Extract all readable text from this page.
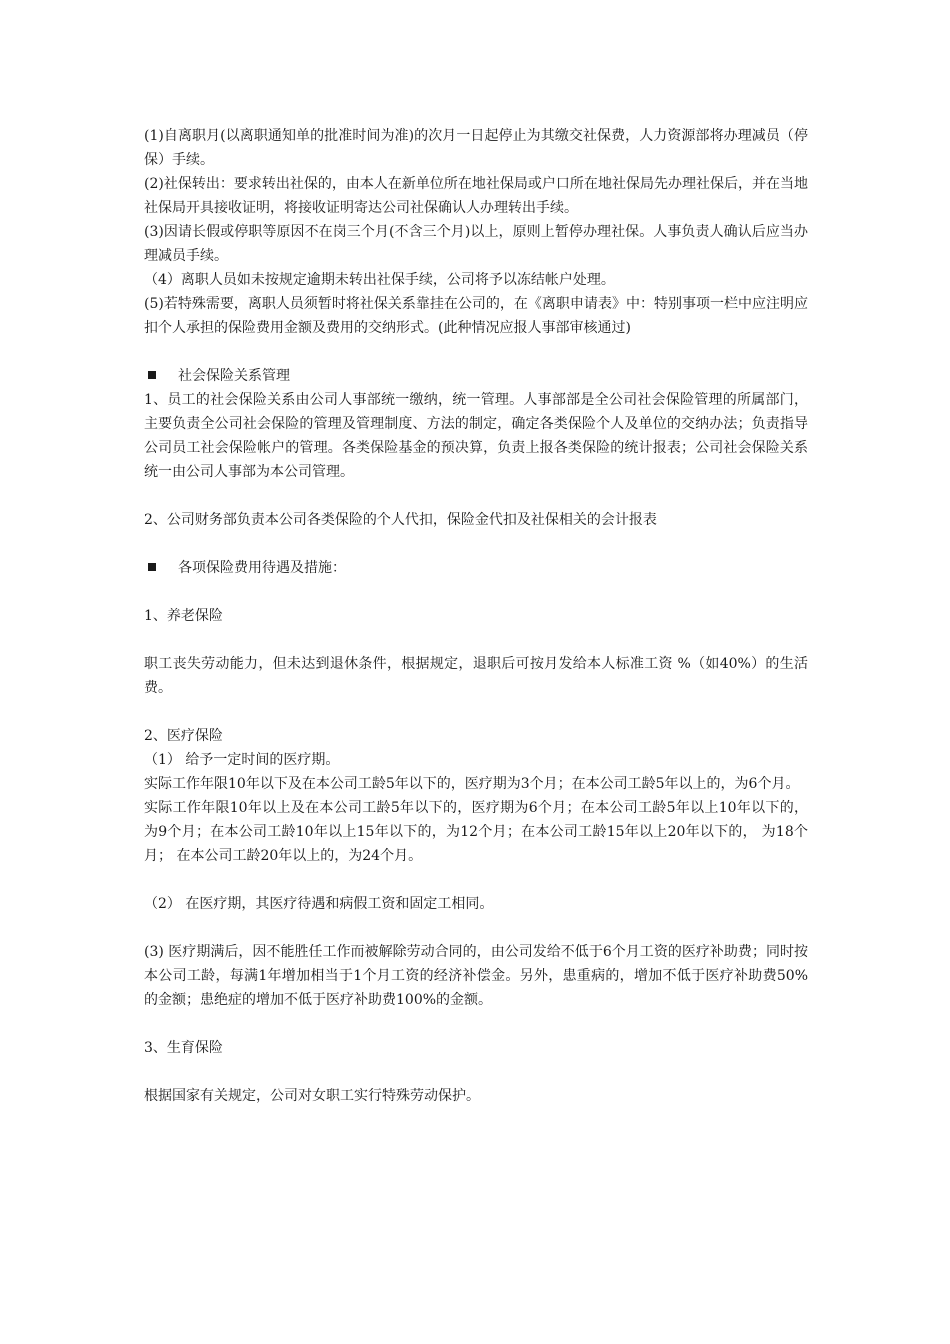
(1)自离职月(以离职通知单的批准时间为准)的次月一日起停止为其缴交社保费，人力资源部将办理减员（停保）手续。

(2)社保转出：要求转出社保的，由本人在新单位所在地社保局或户口所在地社保局先办理社保后，并在当地社保局开具接收证明，将接收证明寄达公司社保确认人办理转出手续。

(3)因请长假或停职等原因不在岗三个月(不含三个月)以上，原则上暂停办理社保。人事负责人确认后应当办理减员手续。

（4）离职人员如未按规定逾期未转出社保手续，公司将予以冻结帐户处理。

(5)若特殊需要，离职人员须暂时将社保关系靠挂在公司的，在《离职申请表》中：特别事项一栏中应注明应扣个人承担的保险费用金额及费用的交纳形式。(此种情况应报人事部审核通过)

社会保险关系管理

1、员工的社会保险关系由公司人事部统一缴纳，统一管理。人事部部是全公司社会保险管理的所属部门，主要负责全公司社会保险的管理及管理制度、方法的制定，确定各类保险个人及单位的交纳办法；负责指导公司员工社会保险帐户的管理。各类保险基金的预决算，负责上报各类保险的统计报表；公司社会保险关系统一由公司人事部为本公司管理。

2、公司财务部负责本公司各类保险的个人代扣，保险金代扣及社保相关的会计报表

各项保险费用待遇及措施：

1、养老保险

职工丧失劳动能力，但未达到退休条件，根据规定，退职后可按月发给本人标准工资 %（如40%）的生活费。

2、医疗保险

（1） 给予一定时间的医疗期。

实际工作年限10年以下及在本公司工龄5年以下的，医疗期为3个月；在本公司工龄5年以上的，为6个月。

实际工作年限10年以上及在本公司工龄5年以下的，医疗期为6个月；在本公司工龄5年以上10年以下的，为9个月；在本公司工龄10年以上15年以下的，为12个月；在本公司工龄15年以上20年以下的， 为18个月； 在本公司工龄20年以上的，为24个月。

（2） 在医疗期，其医疗待遇和病假工资和固定工相同。

(3) 医疗期满后，因不能胜任工作而被解除劳动合同的，由公司发给不低于6个月工资的医疗补助费；同时按本公司工龄，每满1年增加相当于1个月工资的经济补偿金。另外，患重病的，增加不低于医疗补助费50%的金额；患绝症的增加不低于医疗补助费100%的金额。

3、生育保险

根据国家有关规定，公司对女职工实行特殊劳动保护。
